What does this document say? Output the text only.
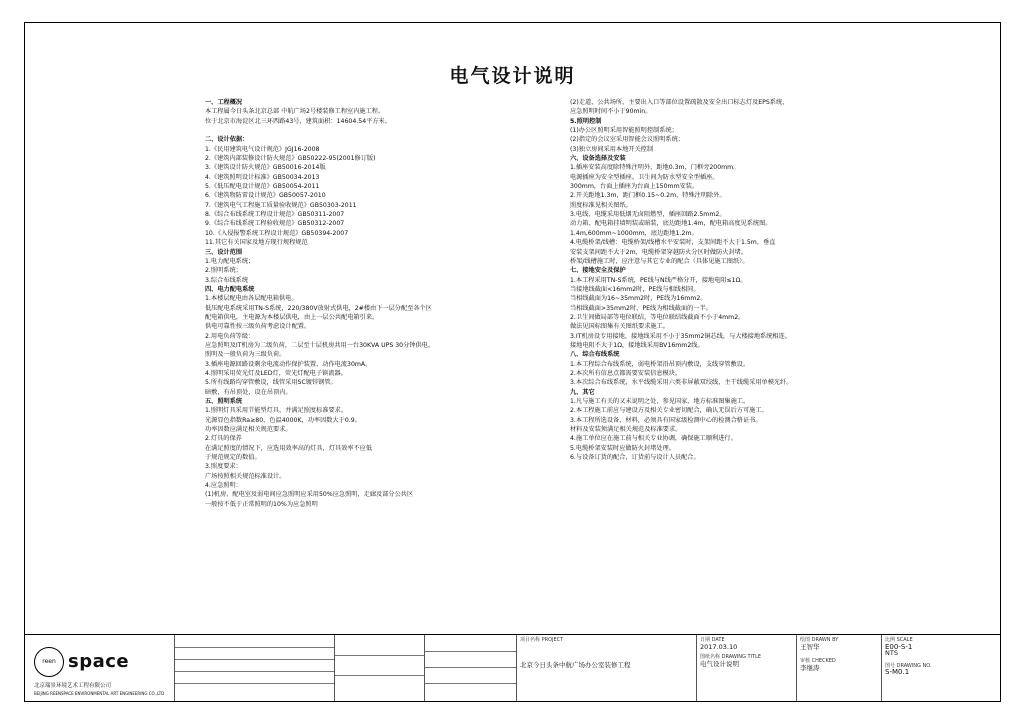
电气设计说明
一、工程概况
本工程属今日头条北京总部 中航广场2号楼装修工程室内施工程。
位于北京市海淀区北三环西路43号，建筑面积：14604.54平方米。
二、设计依据：
1.《民用建筑电气设计规范》JGJ16-2008
2.《建筑内部装修设计防火规范》GB50222-95(2001修订版)
3.《建筑设计防火规范》GB50016-2014版
4.《建筑照明设计标准》GB50034-2013
5.《低压配电设计规范》GB50054-2011
6.《建筑物防雷设计规范》GB50057-2010
7.《建筑电气工程施工质量验收规范》GB50303-2011
8.《综合布线系统工程设计规范》GB50311-2007
9.《综合布线系统工程验收规范》GB50312-2007
10.《入侵报警系统工程设计规范》GB50394-2007
11.其它有关国家及地方现行规程规范
三、设计范围
1.电力配电系统；
2.照明系统；
3.综合布线系统
四、电力配电系统
1.本楼层配电由各层配电箱供电。
低压配电系统采用TN-S系统，220/380V放射式供电，2#楼由下一层分配至各个区
配电箱供电，主电源为本楼层供电，由上一层公共配电箱引来。
供电可靠性按三级负荷考虑设计配置。
2.用电负荷等级：
应急照明及IT机房为二级负荷，二层至十层机房共用一台30KVA UPS 30分钟供电。
照明及一般负荷为三级负荷。
3.插座电源回路设剩余电流动作保护装置，动作电流30mA。
4.照明采用荧光灯及LED灯，荧光灯配电子镇流器。
5.所有线路均穿管敷设，线管采用SC镀锌钢管。
暗敷，有吊顶处，设在吊顶内。
五、照明系统
1.照明灯具采用节能型灯具，并满足照度标准要求。
光源显色指数Ra≥80，色温4000K，功率因数大于0.9。
功率因数应满足相关规范要求。
2.灯具的保养
在满足照度的情况下，应选用效率高的灯具，灯具效率不应低
于规范规定的数值。
3.照度要求：
广场按照相关规范标准设计。
4.应急照明：
(1)机房、配电室及弱电间应急照明应采用50%应急照明，走廊及部分公共区
一般按不低于正常照明的10%为应急照明
(2)走道、公共场所，主要出入口等部位设置疏散及安全出口标志灯及EPS系统，
应急照明时间不小于90min。
5.照明控制
(1)办公区照明采用智能照明控制系统；
(2)指定的会议室采用智能会议照明系统；
(3)独立房间采用本地开关控制
六、设备选择及安装
1.插座安装高度除特殊注明外，距地0.3m，门框旁200mm。
电源插座为安全型插座。卫生间为防水型安全型插座。
300mm，台面上插座为台面上150mm安装。
2.开关距地1.3m，距门框0.15~0.2m，特殊注明除外。
照度标准见相关图纸。
3.电线、电缆采用低烟无卤阻燃型，插座回路2.5mm2。
动力箱、配电箱挂墙明装或暗装，底边距地1.4m，配电箱高度见系统图。
1.4m,600mm~1000mm，底边距地1.2m。
4.电缆桥架/线槽：电缆桥架/线槽水平安装时，支架间距不大于1.5m，垂直
安装支架间距不大于2m，电缆桥架穿越防火分区时做防火封堵。
桥架/线槽施工时，应注意与其它专业的配合（具体见施工图纸）。
七、接地安全及保护
1.本工程采用TN-S系统，PE线与N线严格分开，接地电阻≤1Ω。
当接地线截面<16mm2时，PE线与相线相同。
当相线截面为16~35mm2时，PE线为16mm2。
当相线截面>35mm2时，PE线为相线截面的一半。
2.卫生间做局部等电位联结，等电位联结线截面不小于4mm2。
做法见国标图集有关图纸要求施工。
3.IT机房设专用接地，接地线采用不小于35mm2铜芯线，与大楼接地系统相连。
接地电阻不大于1Ω，接地线采用BV16mm2线。
八、综合布线系统
1.本工程综合布线系统，弱电桥架沿吊顶内敷设，支线穿管敷设。
2.本次所有信息点都需要安装信息模块。
3.本次综合布线系统，水平线缆采用六类非屏蔽双绞线，主干线缆采用单模光纤。
九、其它
1.凡与施工有关的又未说明之处，参见国家、地方标准图集施工。
2.本工程施工前应与建设方及相关专业密切配合，确认无误后方可施工。
3.本工程所选设备、材料，必须具有国家级检测中心的检测合格证书。
材料及安装须满足相关规范及标准要求。
4.施工单位应在施工前与相关专业协调，确保施工顺利进行。
5.电缆桥架安装时应做防火封堵处理。
6.与设备订货的配合，订货前与设计人员配合。
reen space
北京瑞景环境艺术工程有限公司
BEIJING REENSPACE ENVIRONMENTAL ART ENGINEERING CO.,LTD
项目名称 PROJECT
北京今日头条中航广场办公室装修工程
日期 DATE
2017.03.10
图纸名称 DRAWING TITLE
电气设计说明
绘图 DRAWN BY
王智华
审核 CHECKED
李继涛
比例 SCALE
E00-S-1
NTS
图号 DRAWING NO.
S-M0.1
